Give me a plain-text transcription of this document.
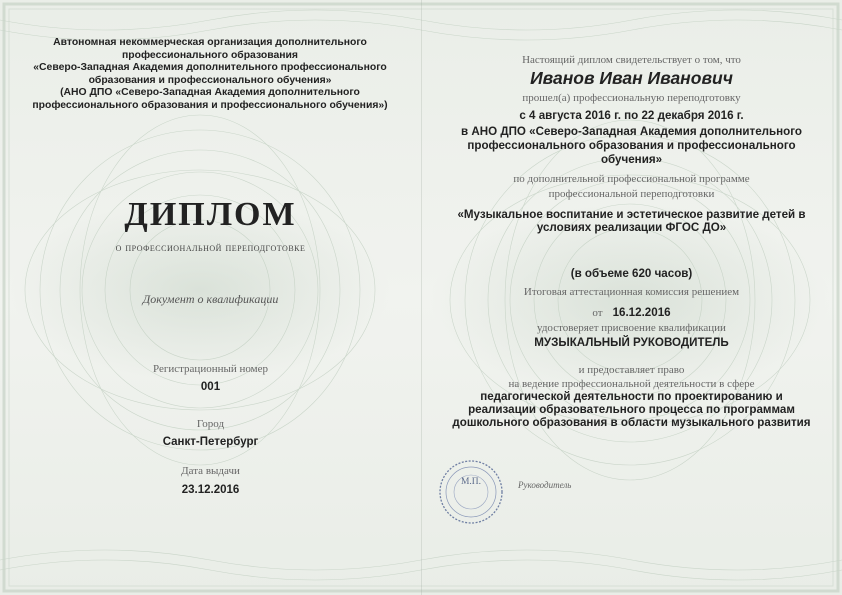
Автономная некоммерческая организация дополнительного
профессионального образования
«Северо-Западная Академия дополнительного профессионального
образования и профессионального обучения»
(АНО ДПО «Северо-Западная Академия дополнительного
профессионального образования и профессионального обучения»)
ДИПЛОМ
о профессиональной переподготовке
Документ о квалификации
Регистрационный номер
001
Город
Санкт-Петербург
Дата выдачи
23.12.2016
Настоящий диплом свидетельствует о том, что
Иванов Иван Иванович
прошел(а) профессиональную переподготовку
с 4 августа 2016 г. по 22 декабря 2016 г.
в АНО ДПО «Северо-Западная Академия дополнительного
профессионального образования и профессионального
обучения»
по дополнительной профессиональной программе
профессиональной переподготовки
«Музыкальное воспитание и эстетическое развитие детей в
условиях реализации ФГОС ДО»
(в объеме 620 часов)
Итоговая аттестационная комиссия решением
от 16.12.2016
удостоверяет присвоение квалификации
МУЗЫКАЛЬНЫЙ РУКОВОДИТЕЛЬ
и предоставляет право
на ведение профессиональной деятельности в сфере
педагогической деятельности по проектированию и
реализации образовательного процесса по программам
дошкольного образования в области музыкального развития
М.П.	Руководитель
